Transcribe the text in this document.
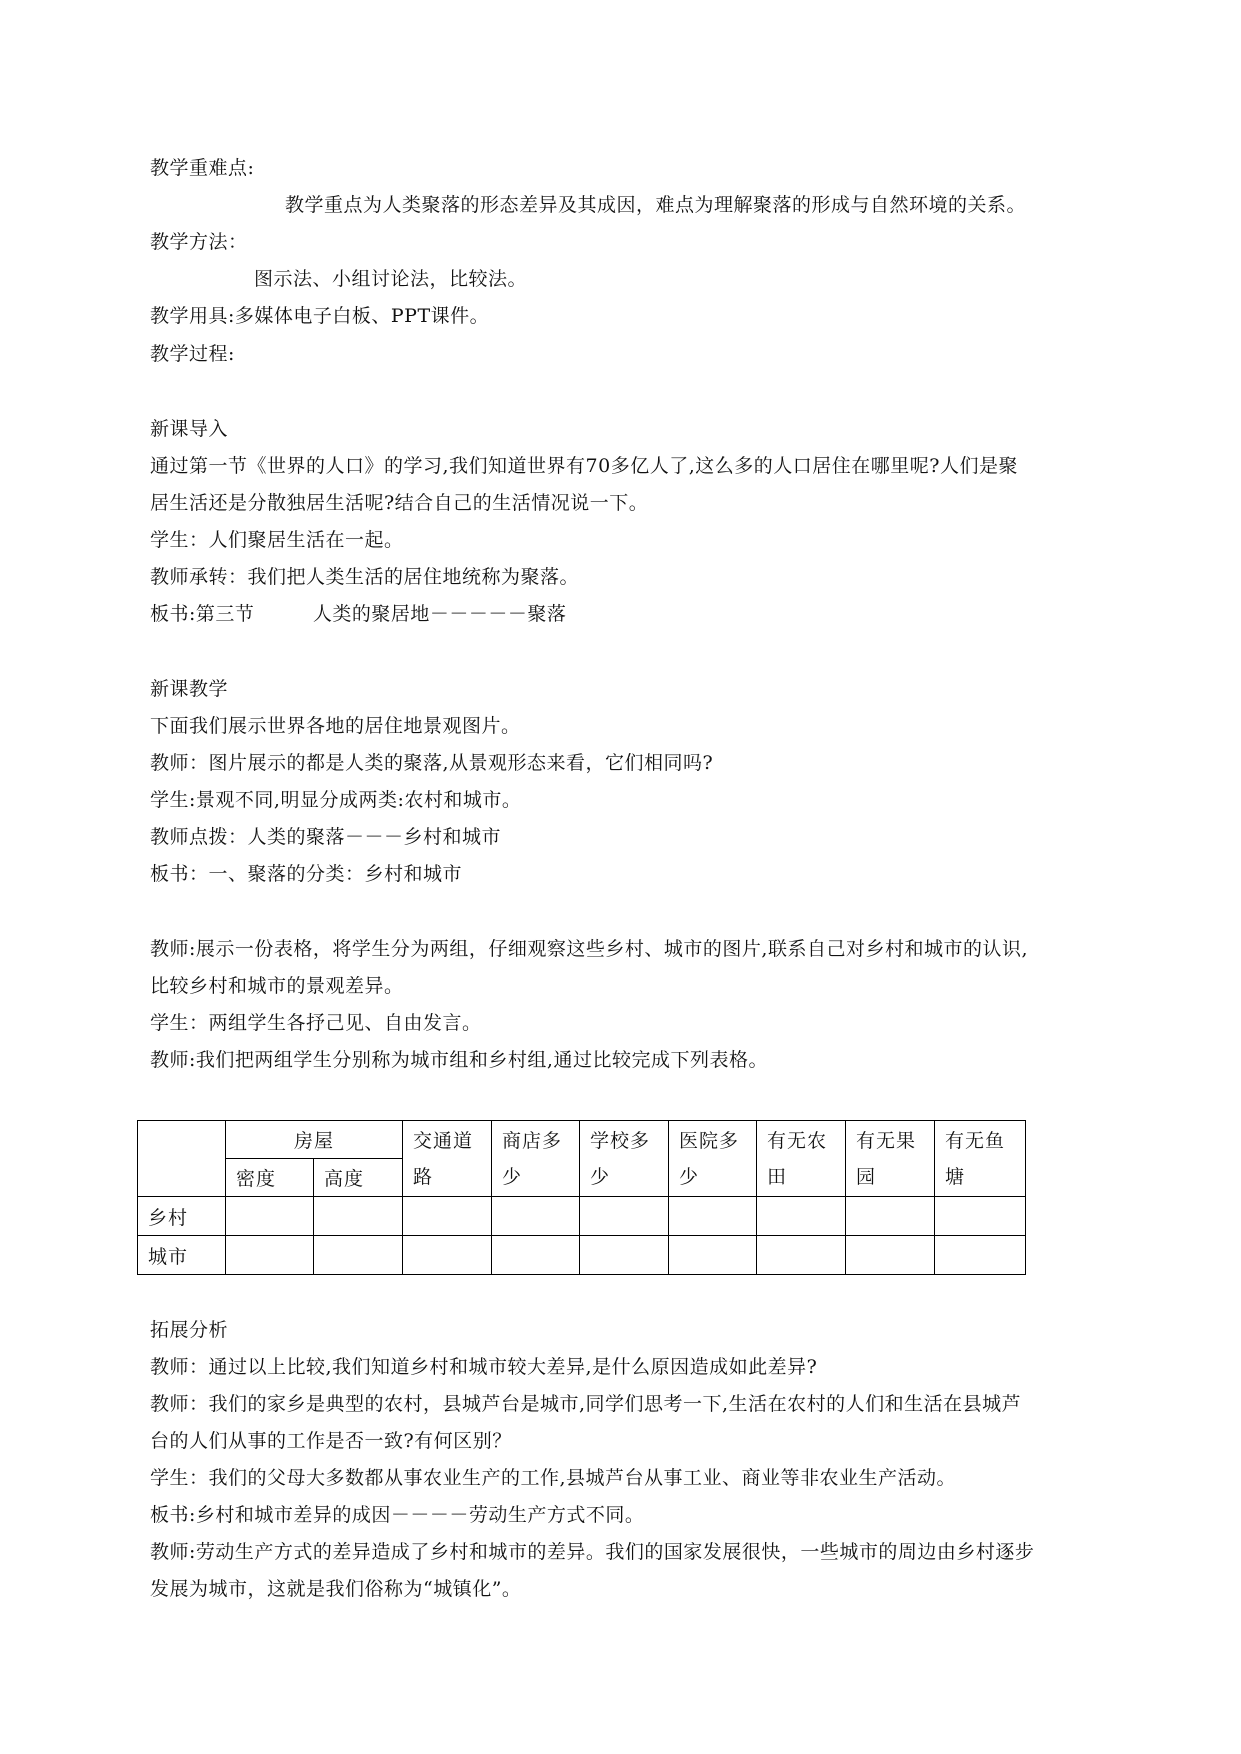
教学重难点:
教学重点为人类聚落的形态差异及其成因，难点为理解聚落的形成与自然环境的关系。
教学方法：
图示法、小组讨论法，比较法。
教学用具:多媒体电子白板、PPT课件。
教学过程:
新课导入
通过第一节《世界的人口》的学习,我们知道世界有70多亿人了,这么多的人口居住在哪里呢?人们是聚
居生活还是分散独居生活呢?结合自己的生活情况说一下。
学生：人们聚居生活在一起。
教师承转：我们把人类生活的居住地统称为聚落。
板书:第三节　　　人类的聚居地－－－－－聚落
新课教学
下面我们展示世界各地的居住地景观图片。
教师：图片展示的都是人类的聚落,从景观形态来看，它们相同吗?
学生:景观不同,明显分成两类:农村和城市。
教师点拨：人类的聚落－－－乡村和城市
板书：一、聚落的分类：乡村和城市
教师:展示一份表格，将学生分为两组，仔细观察这些乡村、城市的图片,联系自己对乡村和城市的认识,
比较乡村和城市的景观差异。
学生：两组学生各抒己见、自由发言。
教师:我们把两组学生分别称为城市组和乡村组,通过比较完成下列表格。
	房屋		交通道路	商店多少	学校多少	医院多少	有无农田	有无果园	有无鱼塘
	密度	高度							
乡村									
城市									
拓展分析
教师：通过以上比较,我们知道乡村和城市较大差异,是什么原因造成如此差异?
教师：我们的家乡是典型的农村，县城芦台是城市,同学们思考一下,生活在农村的人们和生活在县城芦
台的人们从事的工作是否一致?有何区别？
学生：我们的父母大多数都从事农业生产的工作,县城芦台从事工业、商业等非农业生产活动。
板书:乡村和城市差异的成因－－－－劳动生产方式不同。
教师:劳动生产方式的差异造成了乡村和城市的差异。我们的国家发展很快，一些城市的周边由乡村逐步
发展为城市，这就是我们俗称为“城镇化”。
